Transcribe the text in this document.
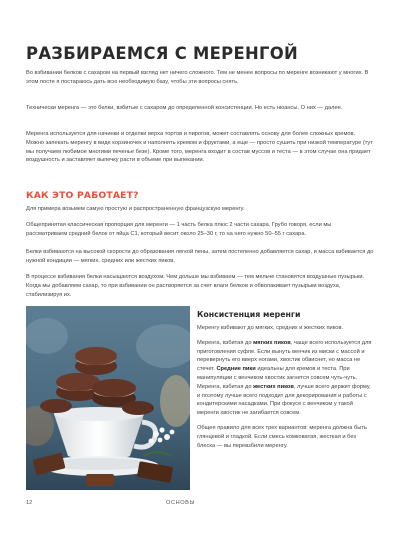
РАЗБИРАЕМСЯ С МЕРЕНГОЙ

Во взбивании белков с сахаром на первый взгляд нет ничего сложного. Тем не менее вопросы по меренге возникают у многих. В этом посте я постараюсь дать всю необходимую базу, чтобы эти вопросы снять.

Технически меренга — это белки, взбитые с сахаром до определенной консистенции. Но есть нюансы. О них — далее.

Меренга используется для начинки и отделки верха тортов и пирогов, может составлять основу для более сложных кремов. Можно запекать меренгу в виде корзиночек и наполнять кремом и фруктами, а еще — просто сушить при низкой температуре (тут мы получаем любимое многими печенье безе). Кроме того, меренга входит в состав муссов и теста — в этом случае она придает воздушность и заставляет выпечку расти в объеме при выпекании.

КАК ЭТО РАБОТАЕТ?

Для примера возьмем самую простую и распространенную французскую меренгу.

Общепринятая классическая пропорция для меренги — 1 часть белка плюс 2 части сахара. Грубо говоря, если мы рассматриваем средний белок от яйца С1, который весит около 25–30 г, то на него нужно 50–55 г сахара.

Белки взбиваются на высокой скорости до образования легкой пены, затем постепенно добавляется сахар, и масса взбивается до нужной кондиции — мягких, средних или жестких пиков.

В процессе взбивания белки насыщаются воздухом. Чем дольше мы взбиваем — тем мельче становятся воздушные пузырьки. Когда мы добавляем сахар, то при взбивании он растворяется за счет влаги белков и обволакивает пузырьки воздуха, стабилизируя их.

Консистенция меренги

Меренгу взбивают до мягких, средних и жестких пиков.

Меренга, взбитая до мягких пиков, чаще всего используется для приготовления суфле. Если вынуть венчик из миски с массой и перевернуть его вверх ногами, хвостик обвиснет, но масса не стечет. Средние пики идеальны для кремов и теста. При манипуляции с венчиком хвостик загнется совсем чуть-чуть. Меренга, взбитая до жестких пиков, лучше всего держит форму, и поэтому лучше всего подходит для декорирования и работы с кондитерскими насадками. При фокусе с венчиком у такой меренги хвостик не загибается совсем.

Общее правило для всех трех вариантов: меренга должна быть глянцевой и гладкой. Если смесь комковатая, жесткая и без блеска — вы перевзбили меренгу.

12	ОСНОВЫ
